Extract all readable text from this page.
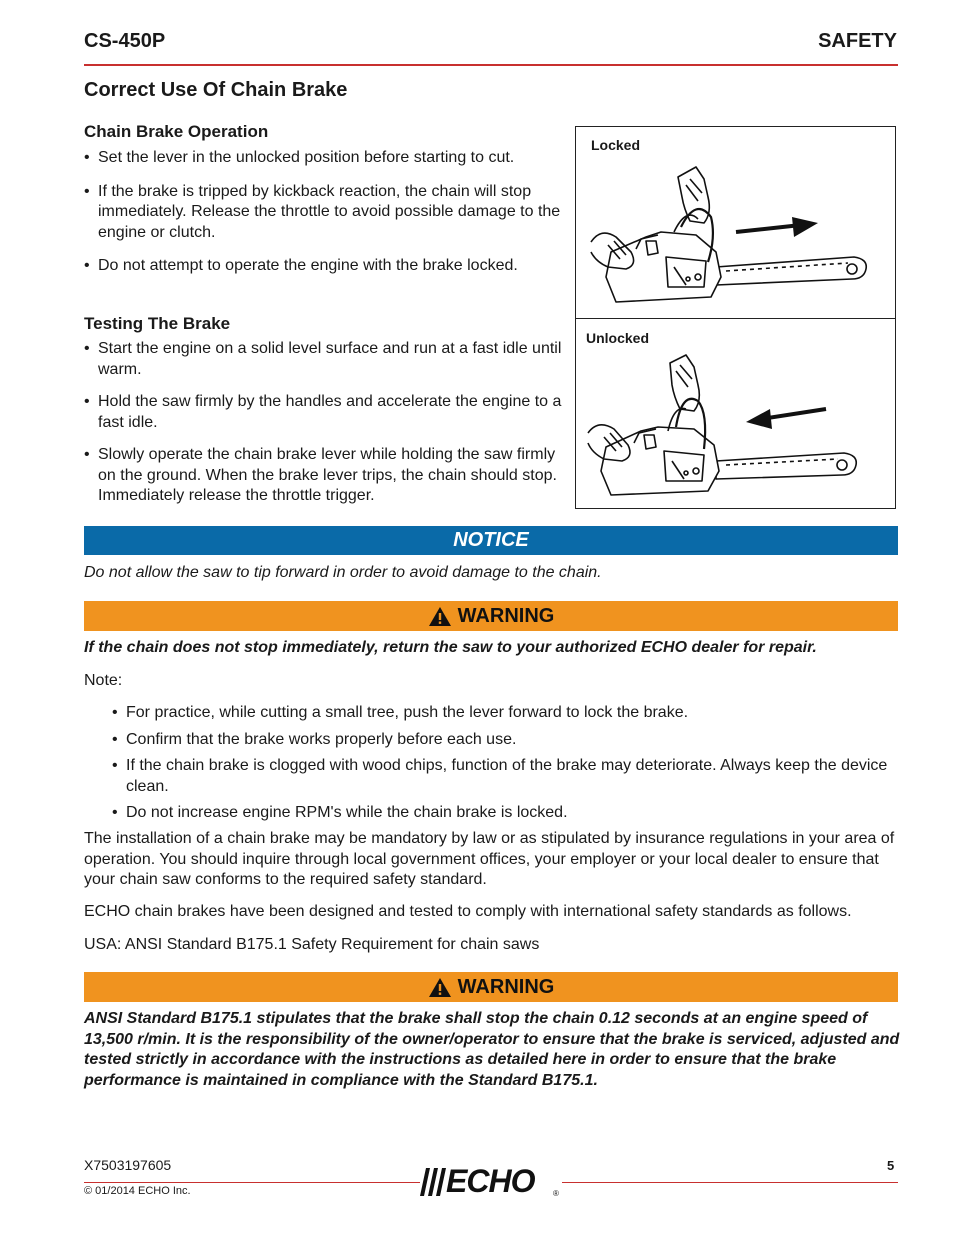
CS-450P	SAFETY
Correct Use Of Chain Brake
Chain Brake Operation
• Set the lever in the unlocked position before starting to cut.
• If the brake is tripped by kickback reaction, the chain will stop immediately. Release the throttle to avoid possible damage to the engine or clutch.
• Do not attempt to operate the engine with the brake locked.
Testing The Brake
• Start the engine on a solid level surface and run at a fast idle until warm.
• Hold the saw firmly by the handles and accelerate the engine to a fast idle.
• Slowly operate the chain brake lever while holding the saw firmly on the ground. When the brake lever trips, the chain should stop. Immediately release the throttle trigger.
Locked
Unlocked
NOTICE
Do not allow the saw to tip forward in order to avoid damage to the chain.
WARNING
If the chain does not stop immediately, return the saw to your authorized ECHO dealer for repair.
Note:
• For practice, while cutting a small tree, push the lever forward to lock the brake.
• Confirm that the brake works properly before each use.
• If the chain brake is clogged with wood chips, function of the brake may deteriorate. Always keep the device clean.
• Do not increase engine RPM's while the chain brake is locked.
The installation of a chain brake may be mandatory by law or as stipulated by insurance regulations in your area of operation. You should inquire through local government offices, your employer or your local dealer to ensure that your chain saw conforms to the required safety standard.
ECHO chain brakes have been designed and tested to comply with international safety standards as follows.
USA: ANSI Standard B175.1 Safety Requirement for chain saws
WARNING
ANSI Standard B175.1 stipulates that the brake shall stop the chain 0.12 seconds at an engine speed of 13,500 r/min. It is the responsibility of the owner/operator to ensure that the brake is serviced, adjusted and tested strictly in accordance with the instructions as detailed here in order to ensure that the brake performance is maintained in compliance with the Standard B175.1.
X7503197605
© 01/2014 ECHO Inc.
5
ECHO ®
